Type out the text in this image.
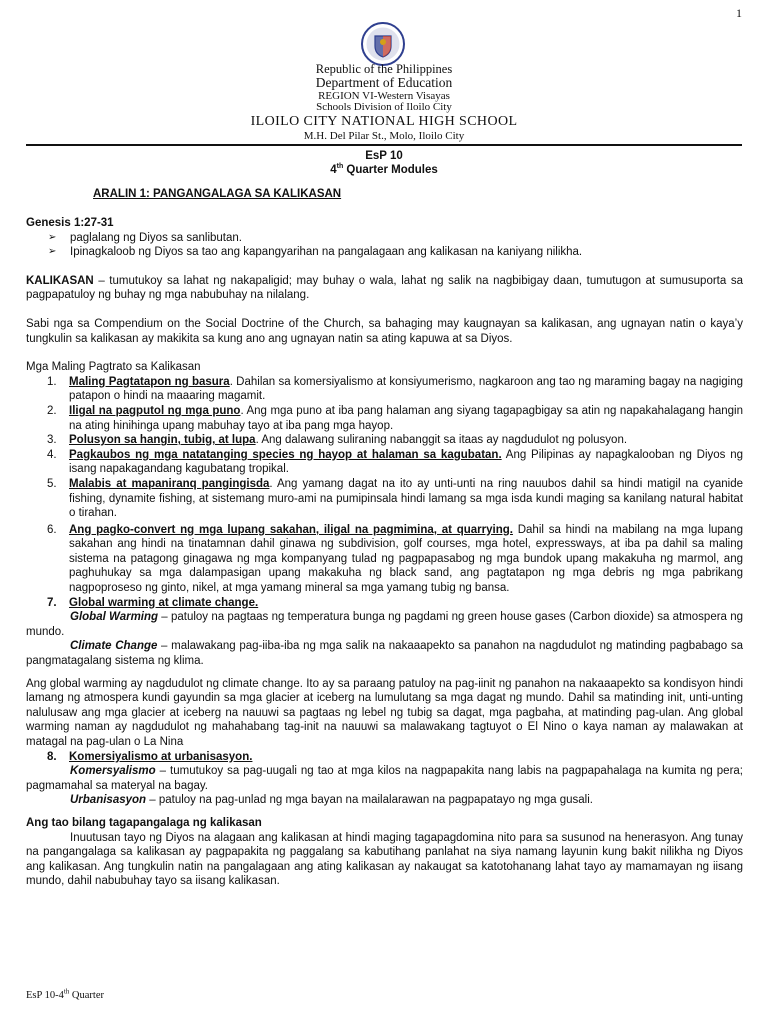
1
Republic of the Philippines
Department of Education
REGION VI-Western Visayas
Schools Division of Iloilo City
ILOILO CITY NATIONAL HIGH SCHOOL
M.H. Del Pilar St., Molo, Iloilo City
EsP 10
4th Quarter Modules
ARALIN 1: PANGANGALAGA SA KALIKASAN

Genesis 1:27-31

➢ paglalang ng Diyos sa sanlibutan.
➢ Ipinagkaloob ng Diyos sa tao ang kapangyarihan na pangalagaan ang kalikasan na kaniyang nilikha.

KALIKASAN – tumutukoy sa lahat ng nakapaligid; may buhay o wala, lahat ng salik na nagbibigay daan, tumutugon at sumusuporta sa pagpapatuloy ng buhay ng mga nabubuhay na nilalang.

Sabi nga sa Compendium on the Social Doctrine of the Church, sa bahaging may kaugnayan sa kalikasan, ang ugnayan natin o kaya’y tungkulin sa kalikasan ay makikita sa kung ano ang ugnayan natin sa ating kapuwa at sa Diyos.

Mga Maling Pagtrato sa Kalikasan

1. Maling Pagtatapon ng basura. Dahilan sa komersiyalismo at konsiyumerismo, nagkaroon ang tao ng maraming bagay na nagiging patapon o hindi na maaaring magamit.
2. Iligal na pagputol ng mga puno. Ang mga puno at iba pang halaman ang siyang tagapagbigay sa atin ng napakahalagang hangin na ating hinihinga upang mabuhay tayo at iba pang mga hayop.
3. Polusyon sa hangin, tubig, at lupa. Ang dalawang suliraning nabanggit sa itaas ay nagdudulot ng polusyon.
4. Pagkaubos ng mga natatanging species ng hayop at halaman sa kagubatan. Ang Pilipinas ay napagkalooban ng Diyos ng isang napakagandang kagubatang tropikal.
5. Malabis at mapaniranq pangingisda. Ang yamang dagat na ito ay unti-unti na ring nauubos dahil sa hindi matigil na cyanide fishing, dynamite fishing, at sistemang muro-ami na pumipinsala hindi lamang sa mga isda kundi maging sa kanilang natural habitat o tirahan.
6. Ang pagko-convert ng mga lupang sakahan, iligal na pagmimina, at quarrying. Dahil sa hindi na mabilang na mga lupang sakahan ang hindi na tinatamnan dahil ginawa ng subdivision, golf courses, mga hotel, expressways, at iba pa dahil sa maling sistema na patagong ginagawa ng mga kompanyang tulad ng pagpapasabog ng mga bundok upang makakuha ng marmol, ang paghuhukay sa mga dalampasigan upang makakuha ng black sand, ang pagtatapon ng mga debris ng mga pabrikang nagpoproseso ng ginto, nikel, at mga yamang mineral sa mga yamang tubig ng bansa.
7. Global warming at climate change.

Global Warming – patuloy na pagtaas ng temperatura bunga ng pagdami ng green house gases (Carbon dioxide) sa atmospera ng mundo.

Climate Change – malawakang pag-iiba-iba ng mga salik na nakaaapekto sa panahon na nagdudulot ng matinding pagbabago sa pangmatagalang sistema ng klima.

Ang global warming ay nagdudulot ng climate change. Ito ay sa paraang patuloy na pag-iinit ng panahon na nakaaapekto sa kondisyon hindi lamang ng atmospera kundi gayundin sa mga glacier at iceberg na lumulutang sa mga dagat ng mundo. Dahil sa matinding init, unti-unting nalulusaw ang mga glacier at iceberg na nauuwi sa pagtaas ng lebel ng tubig sa dagat, mga pagbaha, at matinding pag-ulan. Ang global warming naman ay nagdudulot ng mahahabang tag-init na nauuwi sa malawakang tagtuyot o El Nino o kaya naman ay malawakan at matagal na pag-ulan o La Nina

8. Komersiyalismo at urbanisasyon.

Komersyalismo – tumutukoy sa pag-uugali ng tao at mga kilos na nagpapakita nang labis na pagpapahalaga na kumita ng pera; pagmamahal sa materyal na bagay.

Urbanisasyon – patuloy na pag-unlad ng mga bayan na mailalarawan na pagpapatayo ng mga gusali.

Ang tao bilang tagapangalaga ng kalikasan

Inuutusan tayo ng Diyos na alagaan ang kalikasan at hindi maging tagapagdomina nito para sa susunod na henerasyon. Ang tunay na pangangalaga sa kalikasan ay pagpapakita ng paggalang sa kabutihang panlahat na siya namang layunin kung bakit nilikha ng Diyos ang kalikasan. Ang tungkulin natin na pangalagaan ang ating kalikasan ay nakaugat sa katotohanang lahat tayo ay mamamayan ng iisang mundo, dahil nabubuhay tayo sa iisang kalikasan.

EsP 10-4th Quarter
